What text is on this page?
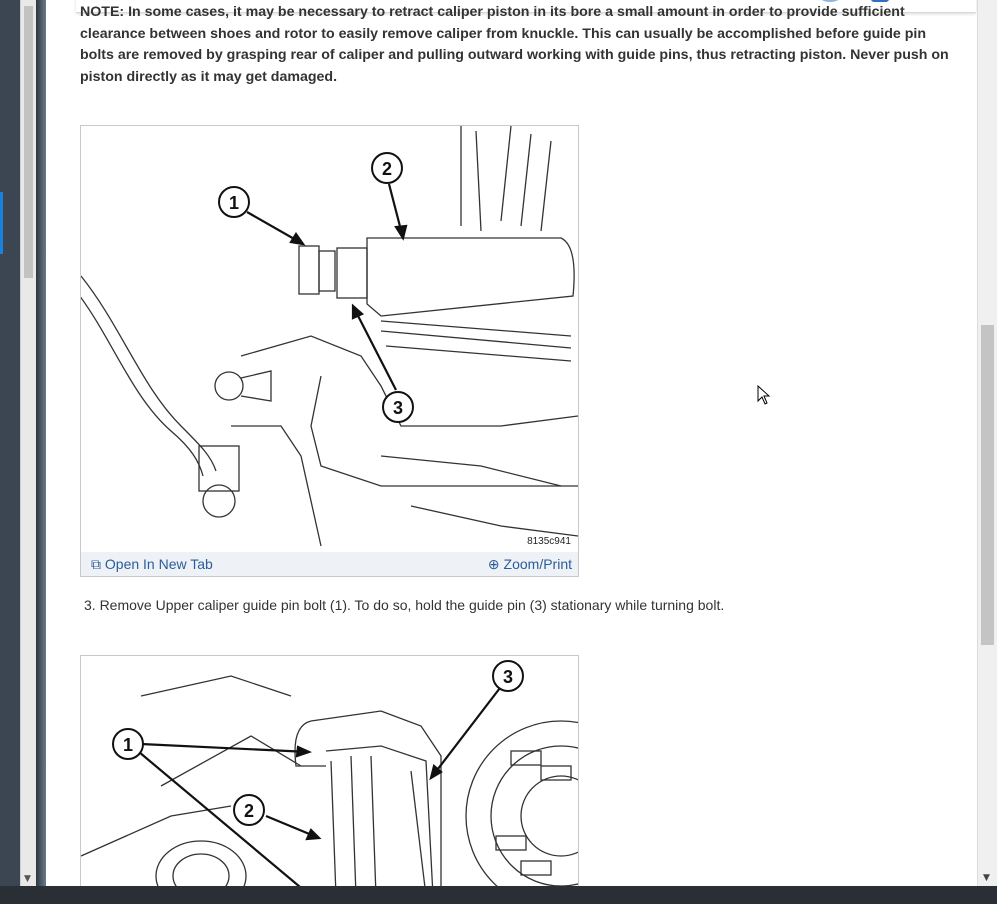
▼
NOTE: In some cases, it may be necessary to retract caliper piston in its bore a small amount in order to provide sufficient clearance between shoes and rotor to easily remove caliper from knuckle. This can usually be accomplished before guide pin bolts are removed by grasping rear of caliper and pulling outward working with guide pins, thus retracting piston. Never push on piston directly as it may get damaged.
1
2
3
8135c941
⧉ Open In New Tab	⊕ Zoom/Print
3. Remove Upper caliper guide pin bolt (1). To do so, hold the guide pin (3) stationary while turning bolt.
3
1
2
▼
